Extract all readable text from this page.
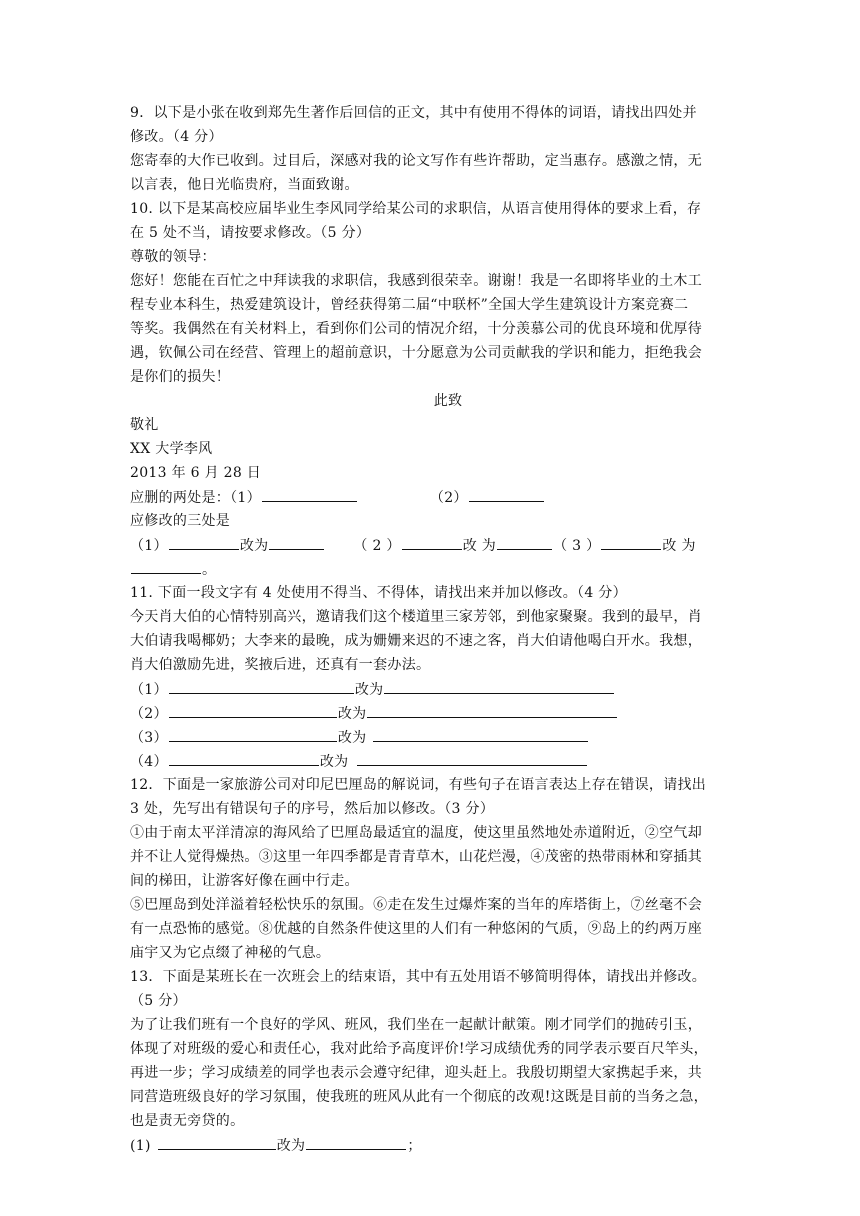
9．以下是小张在收到郑先生著作后回信的正文，其中有使用不得体的词语，请找出四处并
修改。（4 分）
您寄奉的大作已收到。过目后，深感对我的论文写作有些许帮助，定当惠存。感激之情，无
以言表，他日光临贵府，当面致谢。
10. 以下是某高校应届毕业生李风同学给某公司的求职信，从语言使用得体的要求上看，存
在 5 处不当，请按要求修改。（5 分）
尊敬的领导：
您好！您能在百忙之中拜读我的求职信，我感到很荣幸。谢谢！我是一名即将毕业的土木工
程专业本科生，热爱建筑设计，曾经获得第二届“中联杯”全国大学生建筑设计方案竞赛二
等奖。我偶然在有关材料上，看到你们公司的情况介绍，十分羡慕公司的优良环境和优厚待
遇，钦佩公司在经营、管理上的超前意识，十分愿意为公司贡献我的学识和能力，拒绝我会
是你们的损失！
此致
敬礼
XX 大学李风
2013 年 6 月 28 日
应删的两处是：（1）	（2）
应修改的三处是
（1）	改为	（ 2 ）	改 为	（ 3 ）	改 为
。
11. 下面一段文字有 4 处使用不得当、不得体，请找出来并加以修改。（4 分）
今天肖大伯的心情特别高兴，邀请我们这个楼道里三家芳邻，到他家聚聚。我到的最早，肖
大伯请我喝椰奶；大李来的最晚，成为姗姗来迟的不速之客，肖大伯请他喝白开水。我想，
肖大伯激励先进，奖掖后进，还真有一套办法。
（1）	改为
（2）	改为
（3）	改为
（4）	改为
12．下面是一家旅游公司对印尼巴厘岛的解说词，有些句子在语言表达上存在错误，请找出
3 处，先写出有错误句子的序号，然后加以修改。（3 分）
①由于南太平洋清凉的海风给了巴厘岛最适宜的温度，使这里虽然地处赤道附近，②空气却
并不让人觉得燥热。③这里一年四季都是青青草木，山花烂漫，④茂密的热带雨林和穿插其
间的梯田，让游客好像在画中行走。
⑤巴厘岛到处洋溢着轻松快乐的氛围。⑥走在发生过爆炸案的当年的库塔街上，⑦丝毫不会
有一点恐怖的感觉。⑧优越的自然条件使这里的人们有一种悠闲的气质，⑨岛上的约两万座
庙宇又为它点缀了神秘的气息。
13．下面是某班长在一次班会上的结束语，其中有五处用语不够简明得体，请找出并修改。
（5 分）
为了让我们班有一个良好的学风、班风，我们坐在一起献计献策。刚才同学们的抛砖引玉，
体现了对班级的爱心和责任心，我对此给予高度评价!学习成绩优秀的同学表示要百尺竿头，
再进一步；学习成绩差的同学也表示会遵守纪律，迎头赶上。我殷切期望大家携起手来，共
同营造班级良好的学习氛围，使我班的班风从此有一个彻底的改观!这既是目前的当务之急，
也是责无旁贷的。
(1)	改为	；
